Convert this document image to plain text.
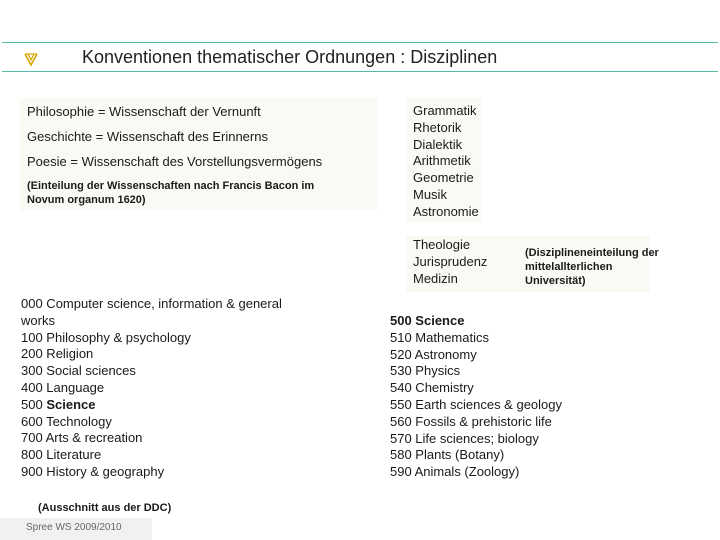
Konventionen thematischer Ordnungen : Disziplinen
Philosophie = Wissenschaft der Vernunft
Geschichte = Wissenschaft des Erinnerns
Poesie = Wissenschaft des Vorstellungsvermögens
(Einteilung der Wissenschaften nach Francis Bacon im
Novum organum 1620)
Grammatik
Rhetorik
Dialektik
Arithmetik
Geometrie
Musik
Astronomie
Theologie
Jurisprudenz
Medizin
(Disziplineneinteilung der
mittelallterlichen
Universität)
000 Computer science, information & general
works
100 Philosophy & psychology
200 Religion
300 Social sciences
400 Language
500 Science
600 Technology
700 Arts & recreation
800 Literature
900 History & geography
(Ausschnitt aus der DDC)
500 Science
510 Mathematics
520 Astronomy
530 Physics
540 Chemistry
550 Earth sciences & geology
560 Fossils & prehistoric life
570 Life sciences; biology
580 Plants (Botany)
590 Animals (Zoology)
Spree WS 2009/2010
